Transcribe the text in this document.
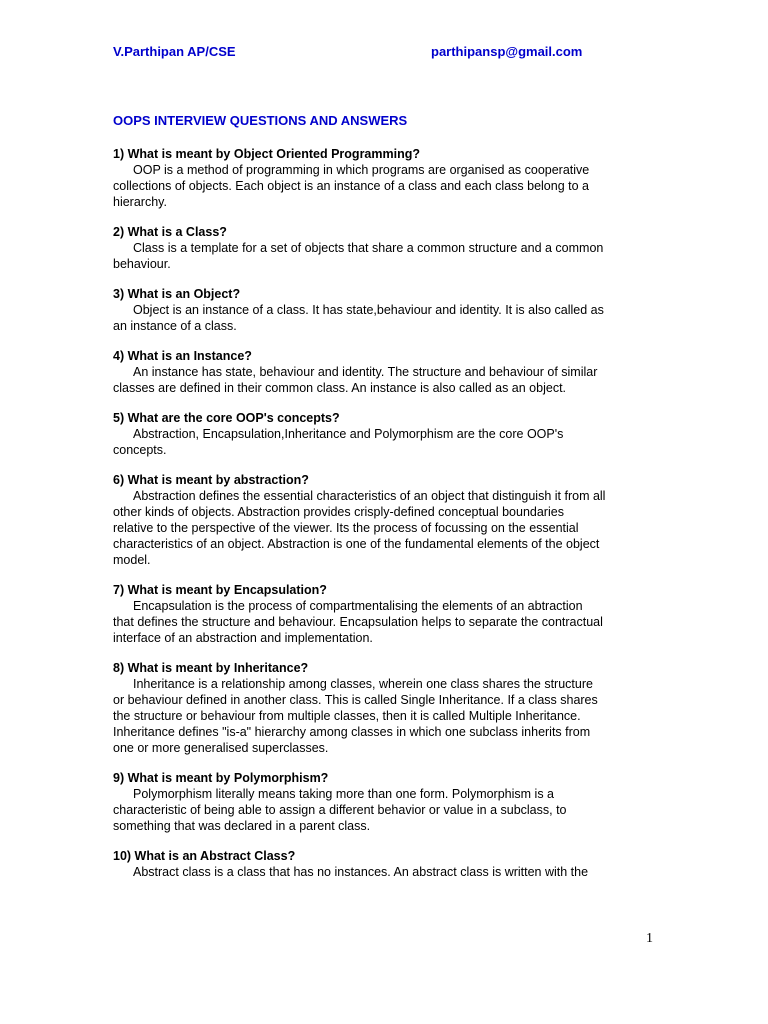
V.Parthipan AP/CSE	parthipansp@gmail.com
OOPS INTERVIEW QUESTIONS AND ANSWERS

1) What is meant by Object Oriented Programming?

OOP is a method of programming in which programs are organised as cooperative
collections of objects. Each object is an instance of a class and each class belong to a
hierarchy.

2) What is a Class?

Class is a template for a set of objects that share a common structure and a common
behaviour.

3) What is an Object?

Object is an instance of a class. It has state,behaviour and identity. It is also called as
an instance of a class.

4) What is an Instance?

An instance has state, behaviour and identity. The structure and behaviour of similar
classes are defined in their common class. An instance is also called as an object.

5) What are the core OOP's concepts?

Abstraction, Encapsulation,Inheritance and Polymorphism are the core OOP's
concepts.

6) What is meant by abstraction?

Abstraction defines the essential characteristics of an object that distinguish it from all
other kinds of objects. Abstraction provides crisply-defined conceptual boundaries
relative to the perspective of the viewer. Its the process of focussing on the essential
characteristics of an object. Abstraction is one of the fundamental elements of the object
model.

7) What is meant by Encapsulation?

Encapsulation is the process of compartmentalising the elements of an abtraction
that defines the structure and behaviour. Encapsulation helps to separate the contractual
interface of an abstraction and implementation.

8) What is meant by Inheritance?

Inheritance is a relationship among classes, wherein one class shares the structure
or behaviour defined in another class. This is called Single Inheritance. If a class shares
the structure or behaviour from multiple classes, then it is called Multiple Inheritance.
Inheritance defines "is-a" hierarchy among classes in which one subclass inherits from
one or more generalised superclasses.

9) What is meant by Polymorphism?

Polymorphism literally means taking more than one form. Polymorphism is a
characteristic of being able to assign a different behavior or value in a subclass, to
something that was declared in a parent class.

10) What is an Abstract Class?

Abstract class is a class that has no instances. An abstract class is written with the

1
